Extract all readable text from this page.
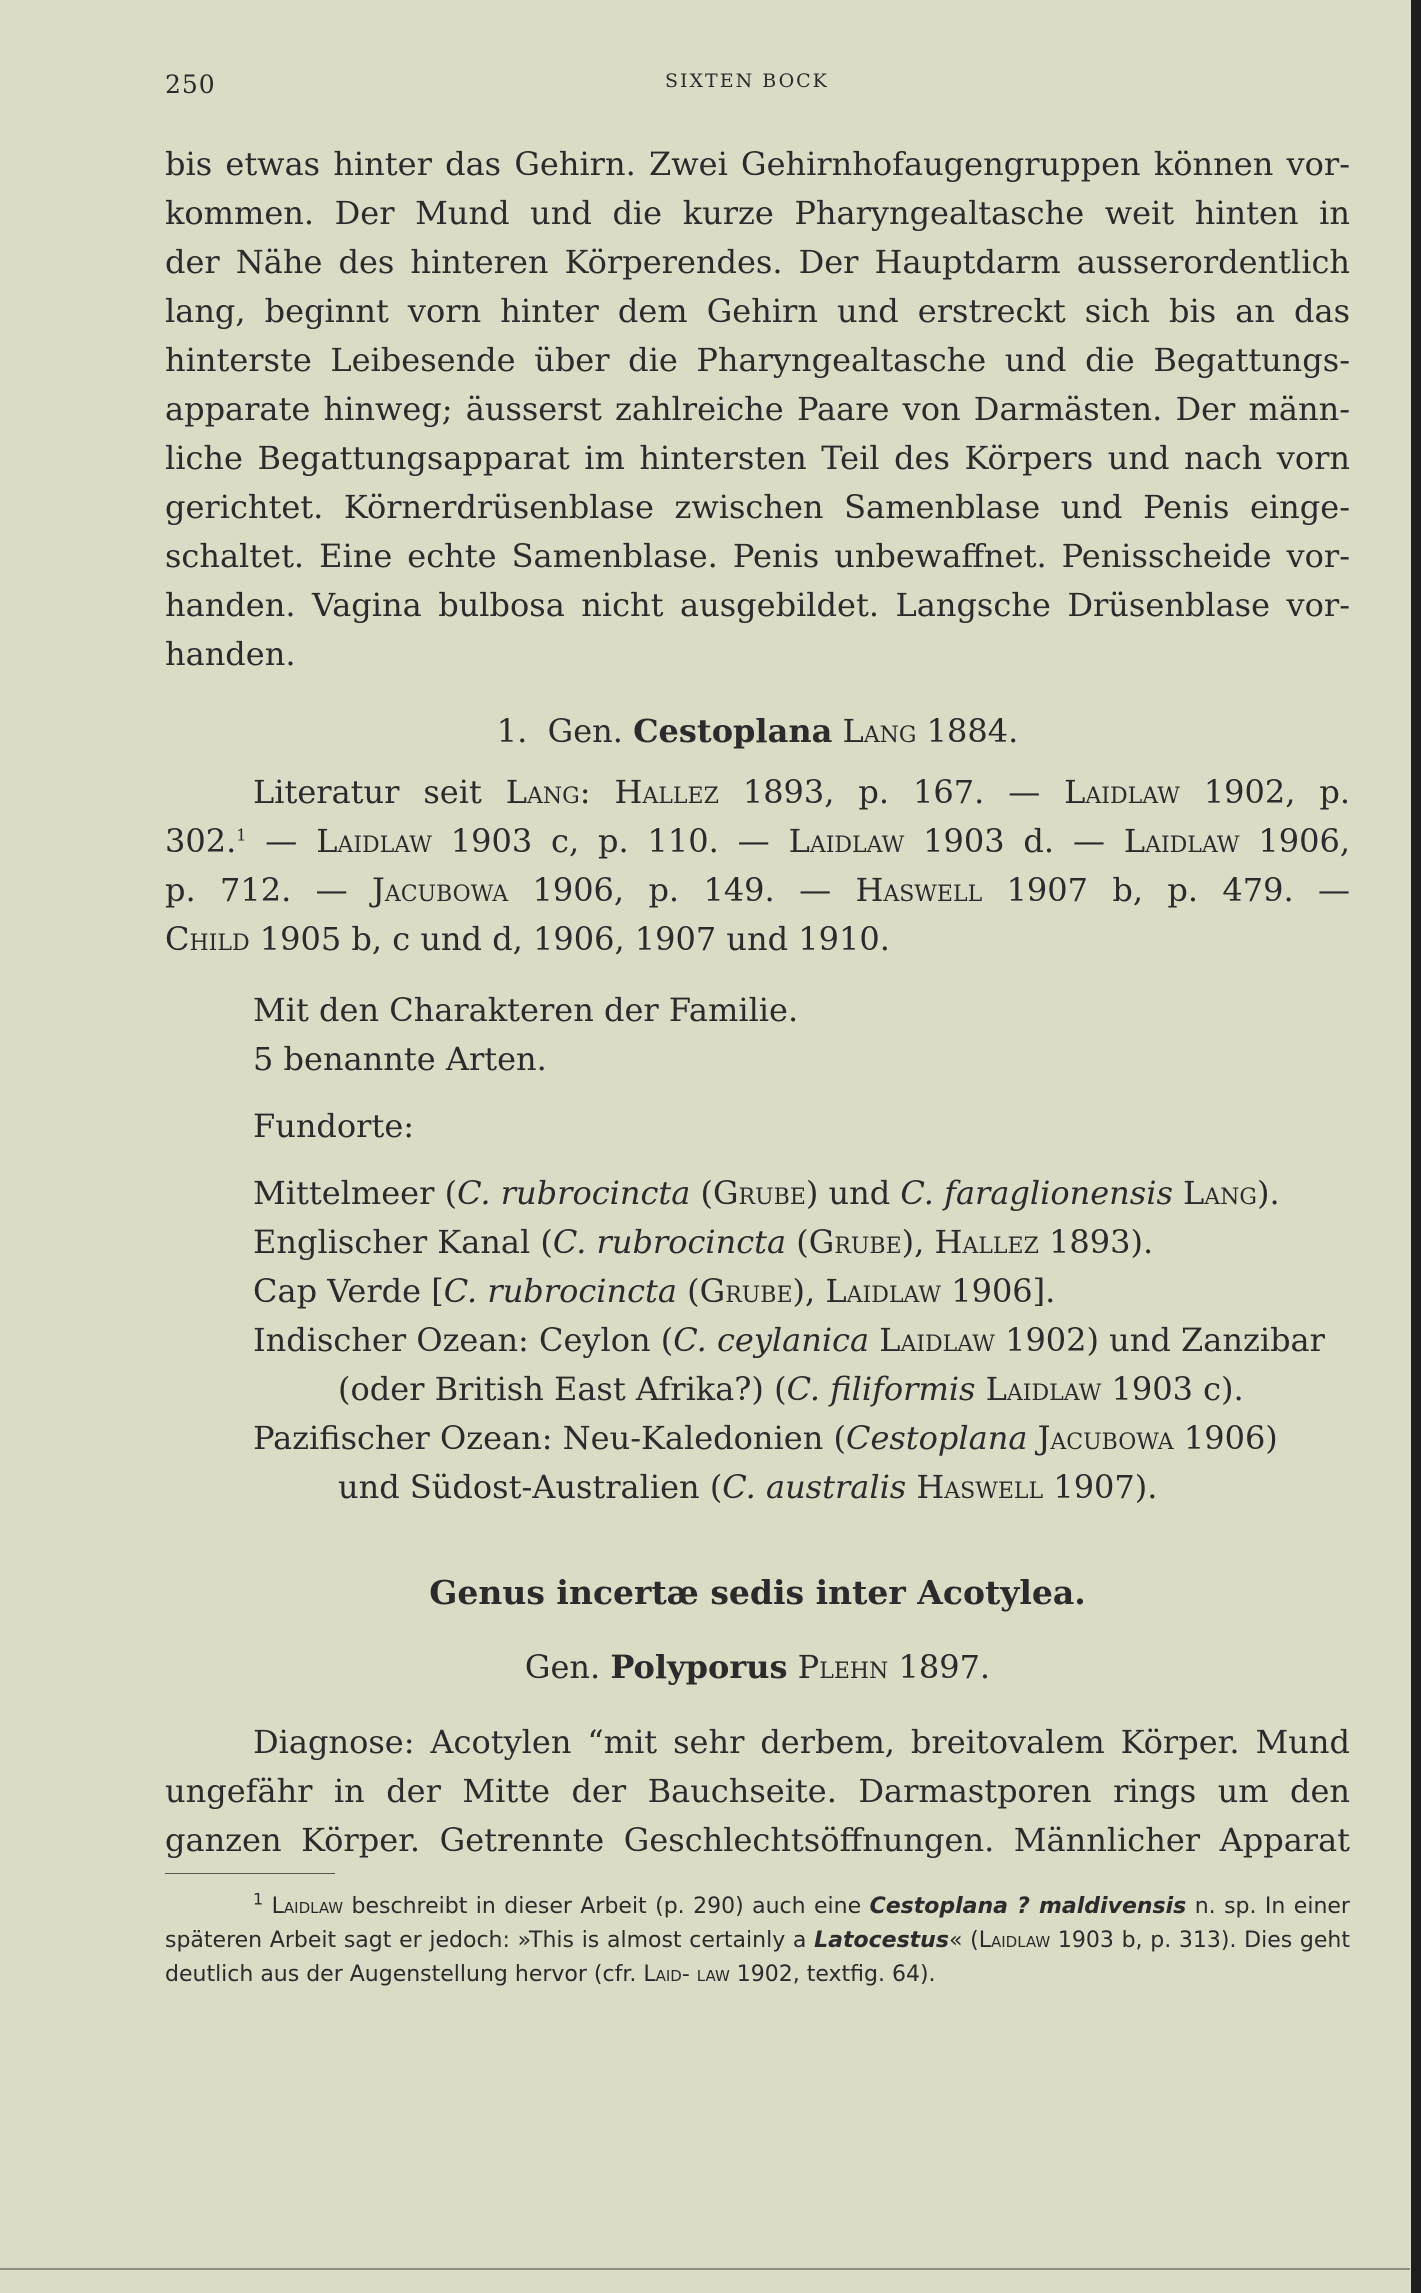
250	SIXTEN BOCK

bis etwas hinter das Gehirn. Zwei Gehirnhofaugengruppen können vor-

kommen. Der Mund und die kurze Pharyngealtasche weit hinten in

der Nähe des hinteren Körperendes. Der Hauptdarm ausserordentlich

lang, beginnt vorn hinter dem Gehirn und erstreckt sich bis an das

hinterste Leibesende über die Pharyngealtasche und die Begattungs-

apparate hinweg; äusserst zahlreiche Paare von Darmästen. Der männ-

liche Begattungsapparat im hintersten Teil des Körpers und nach vorn

gerichtet. Körnerdrüsenblase zwischen Samenblase und Penis einge-

schaltet. Eine echte Samenblase. Penis unbewaffnet. Penisscheide vor-

handen. Vagina bulbosa nicht ausgebildet. Langsche Drüsenblase vor-

handen.

1. Gen. Cestoplana Lang 1884.

Literatur seit Lang: Hallez 1893, p. 167. — Laidlaw 1902, p.

302.$^1$ — Laidlaw 1903 c, p. 110. — Laidlaw 1903 d. — Laidlaw 1906,

p. 712. — Jacubowa 1906, p. 149. — Haswell 1907 b, p. 479. —

Child 1905 b, c und d, 1906, 1907 und 1910.

Mit den Charakteren der Familie.

5 benannte Arten.

Fundorte:

Mittelmeer (C. rubrocincta (Grube) und C. faraglionensis Lang).

Englischer Kanal (C. rubrocincta (Grube), Hallez 1893).

Cap Verde [C. rubrocincta (Grube), Laidlaw 1906].

Indischer Ozean: Ceylon (C. ceylanica Laidlaw 1902) und Zanzibar

(oder British East Afrika?) (C. filiformis Laidlaw 1903 c).

Pazifischer Ozean: Neu-Kaledonien (Cestoplana Jacubowa 1906)

und Südost-Australien (C. australis Haswell 1907).

Genus incertæ sedis inter Acotylea.

Gen. Polyporus Plehn 1897.

Diagnose: Acotylen “mit sehr derbem, breitovalem Körper. Mund

ungefähr in der Mitte der Bauchseite. Darmastporen rings um den

ganzen Körper. Getrennte Geschlechtsöffnungen. Männlicher Apparat

$^1$ Laidlaw beschreibt in dieser Arbeit (p. 290) auch eine Cestoplana ? maldivensis n. sp. In einer späteren Arbeit sagt er jedoch: »This is almost certainly a Latocestus« (Laidlaw 1903 b, p. 313). Dies geht deutlich aus der Augenstellung hervor (cfr. Laid- law 1902, textfig. 64).
